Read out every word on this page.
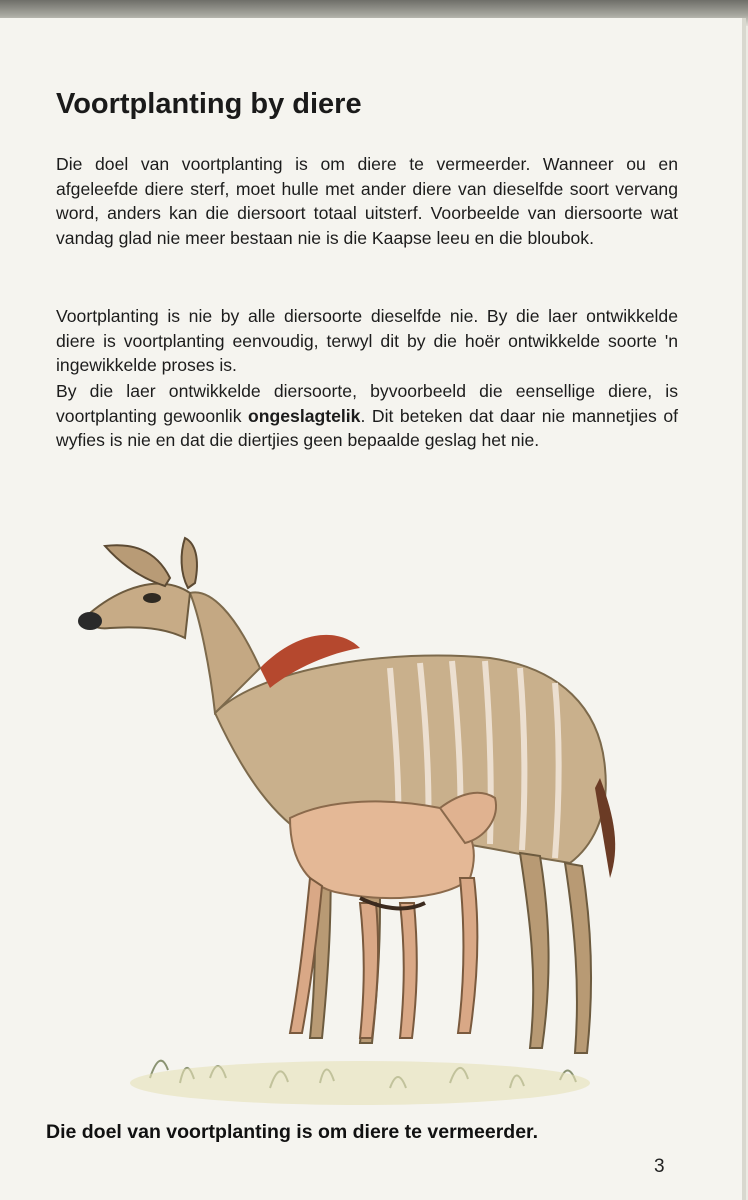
Voortplanting by diere

Die doel van voortplanting is om diere te vermeerder. Wanneer ou en afgeleefde diere sterf, moet hulle met ander diere van dieselfde soort vervang word, anders kan die diersoort totaal uitsterf. Voorbeelde van diersoorte wat vandag glad nie meer bestaan nie is die Kaapse leeu en die bloubok.

Voortplanting is nie by alle diersoorte dieselfde nie. By die laer ontwikkelde diere is voortplanting eenvoudig, terwyl dit by die hoër ontwikkelde soorte 'n ingewikkelde proses is.

By die laer ontwikkelde diersoorte, byvoorbeeld die eensellige diere, is voortplanting gewoonlik ongeslagtelik. Dit beteken dat daar nie mannetjies of wyfies is nie en dat die diertjies geen bepaalde geslag het nie.

Die doel van voortplanting is om diere te vermeerder.

3
